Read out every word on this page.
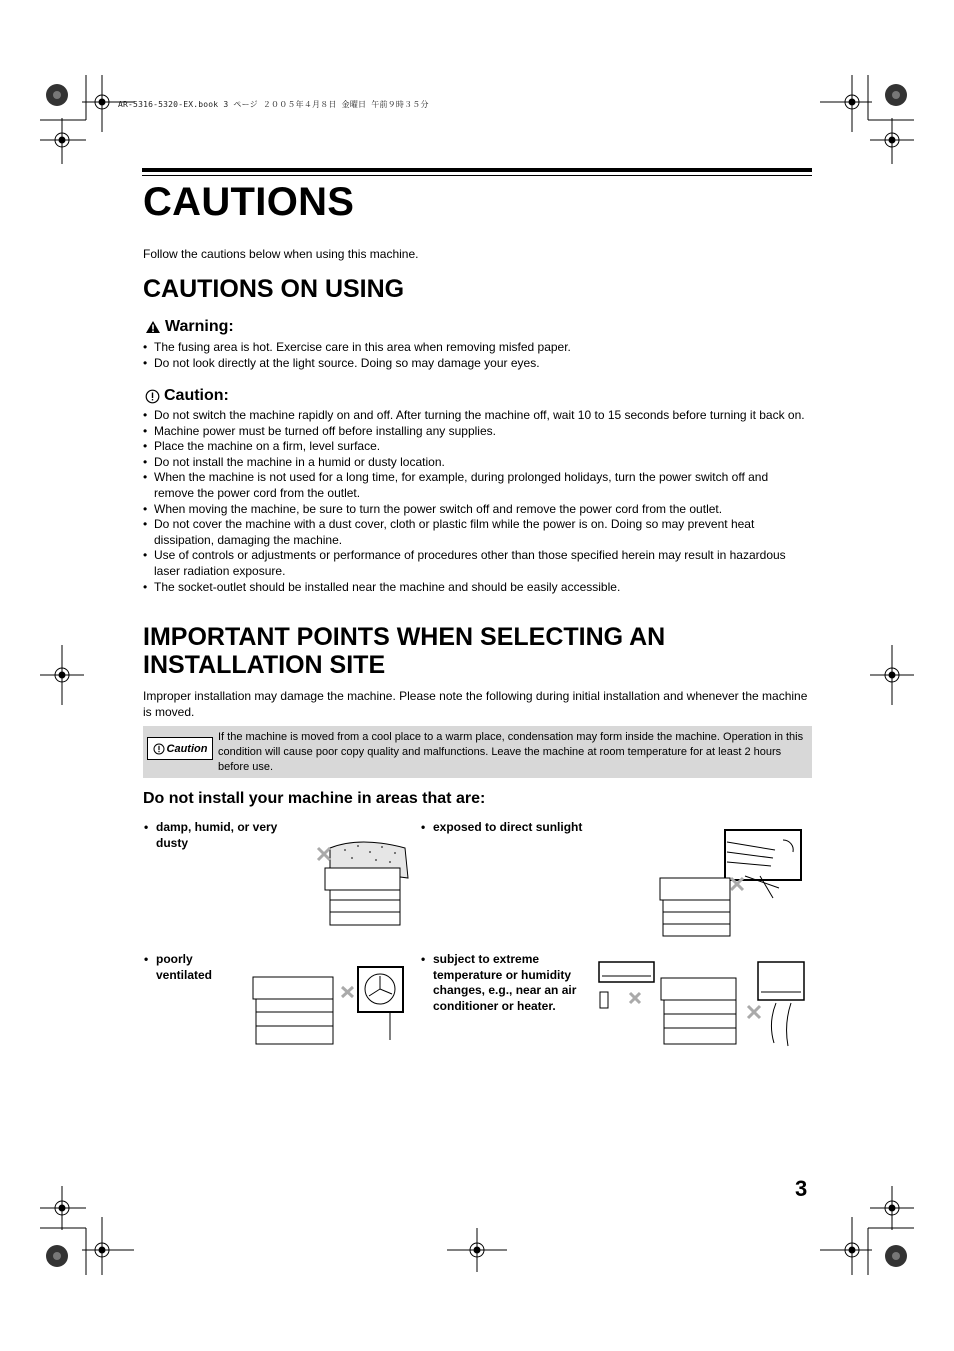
AR-5316-5320-EX.book 3 ページ ２００５年４月８日 金曜日 午前９時３５分
CAUTIONS
Follow the cautions below when using this machine.
CAUTIONS ON USING
Warning:
• The fusing area is hot. Exercise care in this area when removing misfed paper.
• Do not look directly at the light source. Doing so may damage your eyes.
Caution:
• Do not switch the machine rapidly on and off. After turning the machine off, wait 10 to 15 seconds before turning it back on.
• Machine power must be turned off before installing any supplies.
• Place the machine on a firm, level surface.
• Do not install the machine in a humid or dusty location.
• When the machine is not used for a long time, for example, during prolonged holidays, turn the power switch off and remove the power cord from the outlet.
• When moving the machine, be sure to turn the power switch off and remove the power cord from the outlet.
• Do not cover the machine with a dust cover, cloth or plastic film while the power is on. Doing so may prevent heat dissipation, damaging the machine.
• Use of controls or adjustments or performance of procedures other than those specified herein may result in hazardous laser radiation exposure.
• The socket-outlet should be installed near the machine and should be easily accessible.
IMPORTANT POINTS WHEN SELECTING AN INSTALLATION SITE
Improper installation may damage the machine. Please note the following during initial installation and whenever the machine is moved.
Caution
If the machine is moved from a cool place to a warm place, condensation may form inside the machine. Operation in this condition will cause poor copy quality and malfunctions. Leave the machine at room temperature for at least 2 hours before use.
Do not install your machine in areas that are:
• damp, humid, or very dusty
• exposed to direct sunlight
• poorly ventilated
• subject to extreme temperature or humidity changes, e.g., near an air conditioner or heater.
3
